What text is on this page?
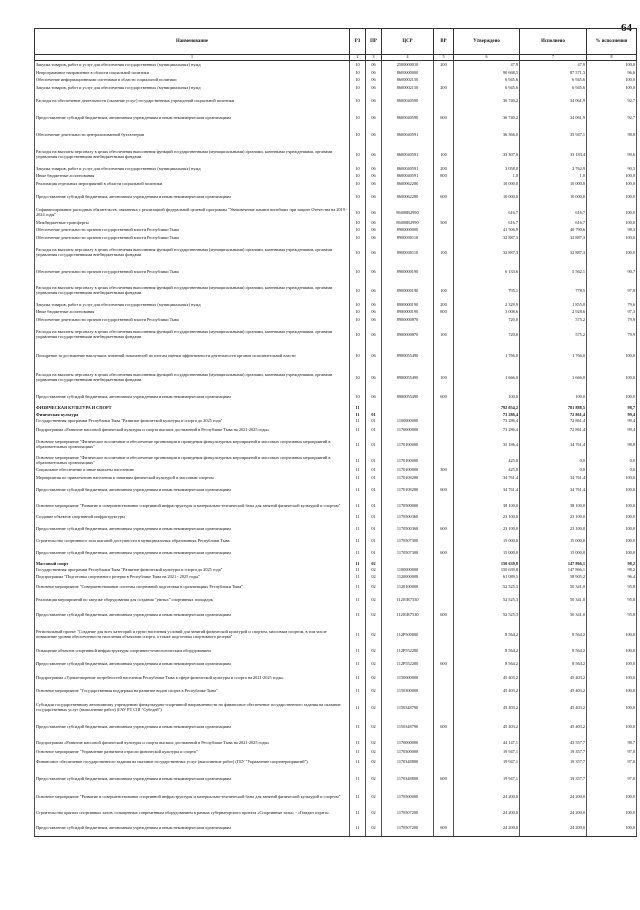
64
Наименование	РЗ	ПР	ЦСР	ВР	Утверждено	Исполнено	% исполнения
1	2	3	4	5	6	7	8
Закупка товаров, работ и услуг для обеспечения государственных (муниципальных) нужд	10	06	2500000010	200	47,9	47,9	100,0
Непрограммное направление в области социальной политики	10	06	8600000000		90 668,5	87 571,3	96,6
Обеспечение информационными системами в области социальной политики	10	06	8600002150		6 945,6	6 945,6	100,0
Закупка товаров, работ и услуг для обеспечения государственных (муниципальных) нужд	10	06	8600002150	200	6 945,6	6 945,6	100,0
Расходы на обеспечение деятельности (оказание услуг) государственных учреждений социальной политики	10	06	8600040590		36 740,2	34 061,9	92,7
Предоставление субсидий бюджетным, автономным учреждениям и иным некоммерческим организациям	10	06	8600040590	600	36 740,2	34 061,9	92,7
Обеспечение деятельности централизованной бухгалтерии	10	06	8600040591		36 366,0	35 947,1	98,8
Расходы на выплаты персоналу в целях обеспечения выполнения функций государственными (муниципальными) органами, казенными учреждениями, органами управления государственными внебюджетными фондами	10	06	8600040591	100	33 307,0	33 183,4	99,6
Закупка товаров, работ и услуг для обеспечения государственных (муниципальных) нужд	10	06	8600040591	200	3 058,0	2 762,9	90,3
Иные бюджетные ассигнования	10	06	8600040591	800	1,0	1,0	100,0
Реализация отдельных мероприятий в области социальной политики	10	06	8600062280		10 000,0	10 000,0	100,0
Предоставление субсидий бюджетным, автономным учреждениям и иным некоммерческим организациям	10	06	8600062280	600	10 000,0	10 000,0	100,0
Софинансирование расходных обязательств, связанных с реализацией федеральной целевой программы "Увековечение памяти погибших при защите Отечества на 2019 - 2024 годы"	10	06	86000R2990		616,7	616,7	100,0
Межбюджетные трансферты	10	06	86000R2990	500	616,7	616,7	100,0
Обеспечение деятельности органов государственной власти Республики Тыва	10	06	8900000000		41 506,9	40 790,6	98,3
Обеспечение деятельности органов государственной власти Республики Тыва	10	06	8900000110		32 887,3	32 887,3	100,0
Расходы на выплаты персоналу в целях обеспечения выполнения функций государственными (муниципальными) органами, казенными учреждениями, органами управления государственными внебюджетными фондами	10	06	8900000110	100	32 887,3	32 887,3	100,0
Обеспечение деятельности органов государственной власти Республики Тыва	10	06	8900000190		6 133,6	5 562,1	90,7
Расходы на выплаты персоналу в целях обеспечения выполнения функций государственными (муниципальными) органами, казенными учреждениями, органами управления государственными внебюджетными фондами	10	06	8900000190	100	795,1	778,5	97,9
Закупка товаров, работ и услуг для обеспечения государственных (муниципальных) нужд	10	06	8900000190	200	2 329,9	1 855,0	79,6
Иные бюджетные ассигнования	10	06	8900000190	800	3 008,6	2 928,6	97,3
Обеспечение деятельности органов государственной власти Республики Тыва	10	06	8900000870		720,0	575,2	79,9
Расходы на выплаты персоналу в целях обеспечения выполнения функций государственными (муниципальными) органами, казенными учреждениями, органами управления государственными внебюджетными фондами	10	06	8900000870	100	720,0	575,2	79,9
Поощрение за достижение наилучших значений показателей по итогам оценки эффективности деятельности органов исполнительной власти	10	06	8900055490		1 766,0	1 766,0	100,0
Расходы на выплаты персоналу в целях обеспечения выполнения функций государственными (муниципальными) органами, казенными учреждениями, органами управления государственными внебюджетными фондами	10	06	8900055490	100	1 666,0	1 666,0	100,0
Предоставление субсидий бюджетным, автономным учреждениям и иным некоммерческим организациям	10	06	8900055490	600	100,0	100,0	100,0
ФИЗИЧЕСКАЯ КУЛЬТУРА И СПОРТ	11				792 054,2	781 888,5	98,7
Физическая культура	11	01			73 286,4	72 861,4	99,4
Государственная программа Республики Тыва "Развитие физической культуры и спорта до 2025 года"	11	01	1100000000		73 286,4	72 861,4	99,4
Подпрограмма «Развитие массовой физической культуры и спорта высших достижений в Республике Тыва на 2021-2025 годы»	11	01	1170000000		73 286,4	72 861,4	99,4
Основное мероприятие "Физическое воспитание и обеспечение организации и проведения физкультурных мероприятий и массовых спортивных мероприятий в образовательных организациях"	11	01	1170100000		35 186,4	34 761,4	98,8
Основное мероприятие "Физическое воспитание и обеспечение организации и проведения физкультурных мероприятий и массовых спортивных мероприятий в образовательных организациях"	11	01	1170100000		425,0	0,0	0,0
Социальное обеспечение и иные выплаты населению	11	01	1170100000	300	425,0	0,0	0,0
Мероприятия по привлечению населения к занятиям физической культурой и массовым спортом	11	01	1170108280		34 761,4	34 761,4	100,0
Предоставление субсидий бюджетным, автономным учреждениям и иным некоммерческим организациям	11	01	1170108280	600	34 761,4	34 761,4	100,0
Основное мероприятие "Развитие и совершенствование спортивной инфраструктуры и материально-технической базы для занятий физической культурой и спортом"	11	01	1170500000		38 100,0	38 100,0	100,0
Создание объектов спортивной инфраструктуры	11	01	1170500360		23 100,0	23 100,0	100,0
Предоставление субсидий бюджетным, автономным учреждениям и иным некоммерческим организациям	11	01	1170500360	600	23 100,0	23 100,0	100,0
Строительство спортивного зала шаговой доступности в муниципальных образованиях Республики Тыва	11	01	1170507300		15 000,0	15 000,0	100,0
Предоставление субсидий бюджетным, автономным учреждениям и иным некоммерческим организациям	11	01	1170507300	600	15 000,0	15 000,0	100,0
Массовый спорт	11	02			150 639,8	147 866,1	98,2
Государственная программа Республики Тыва "Развитие физической культуры и спорта до 2025 года"	11	02	1100000000		150 639,8	147 866,1	98,2
Подпрограмма "Подготовка спортивного резерва в Республике Тыва на 2021 - 2025 годы"	11	02	1120000000		61 089,5	58 905,2	96,4
Основное мероприятие "Совершенствование системы спортивной подготовки в организациях Республики Тыва"	11	02	1120100000		52 525,3	50 341,0	95,8
Реализация мероприятий по закупке оборудования для создания "умных" спортивных площадок	11	02	11201R7530		52 525,3	50 341,0	95,8
Предоставление субсидий бюджетным, автономным учреждениям и иным некоммерческим организациям	11	02	11201R7530	600	52 525,3	50 341,0	95,8
Региональный проект "Создание для всех категорий и групп населения условий для занятий физической культурой и спортом, массовым спортом, в том числе повышение уровня обеспеченности населения объектами спорта, а также подготовка спортивного резерва"	11	02	112P500000		8 564,2	8 564,2	100,0
Оснащение объектов спортивной инфраструктуры спортивно-технологическим оборудованием	11	02	112P552280		8 564,2	8 564,2	100,0
Предоставление субсидий бюджетным, автономным учреждениям и иным некоммерческим организациям	11	02	112P552280	600	8 564,2	8 564,2	100,0
Подпрограмма «Удовлетворение потребностей населения Республики Тыва в сфере физической культуры и спорта на 2021-2025 годы»	11	02	1150000000		45 403,2	45 403,2	100,0
Основное мероприятие "Государственная поддержка на развитие видов спорта в Республике Тыва"	11	02	1150300000		45 403,2	45 403,2	100,0
Субсидии государственному автономному учреждению физкультурно-спортивной направленности на финансовое обеспечение государственного задания на оказание государственных услуг (выполнение работ) (ГАУ РТ СШ "Субедей")	11	02	1150348790		45 403,2	45 403,2	100,0
Предоставление субсидий бюджетным, автономным учреждениям и иным некоммерческим организациям	11	02	1150348790	600	45 403,2	45 403,2	100,0
Подпрограмма «Развитие массовой физической культуры и спорта высших достижений в Республике Тыва на 2021-2025 годы»	11	02	1170000000		44 147,1	43 557,7	98,7
Основное мероприятие "Управление развитием отрасли физической культуры и спорта"	11	02	1170300000		19 947,1	19 357,7	97,0
Финансовое обеспечение государственного задания на оказание государственных услуг (выполнение работ) (ГБУ "Управление спортмероприятий")	11	02	1170348800		19 947,1	19 357,7	97,0
Предоставление субсидий бюджетным, автономным учреждениям и иным некоммерческим организациям	11	02	1170348800	600	19 947,1	19 357,7	97,0
Основное мероприятие "Развитие и совершенствование спортивной инфраструктуры и материально-технической базы для занятий физической культурой и спортом"	11	02	1170500000		24 200,0	24 200,0	100,0
Строительство крытых спортивных залов, оснащенных современным оборудованием в рамках губернаторского проекта «Спортивные залы» - «Гимдан олдата»	11	02	1170507200		24 200,0	24 200,0	100,0
Предоставление субсидий бюджетным, автономным учреждениям и иным некоммерческим организациям	11	02	1170507200	600	24 200,0	24 200,0	100,0
